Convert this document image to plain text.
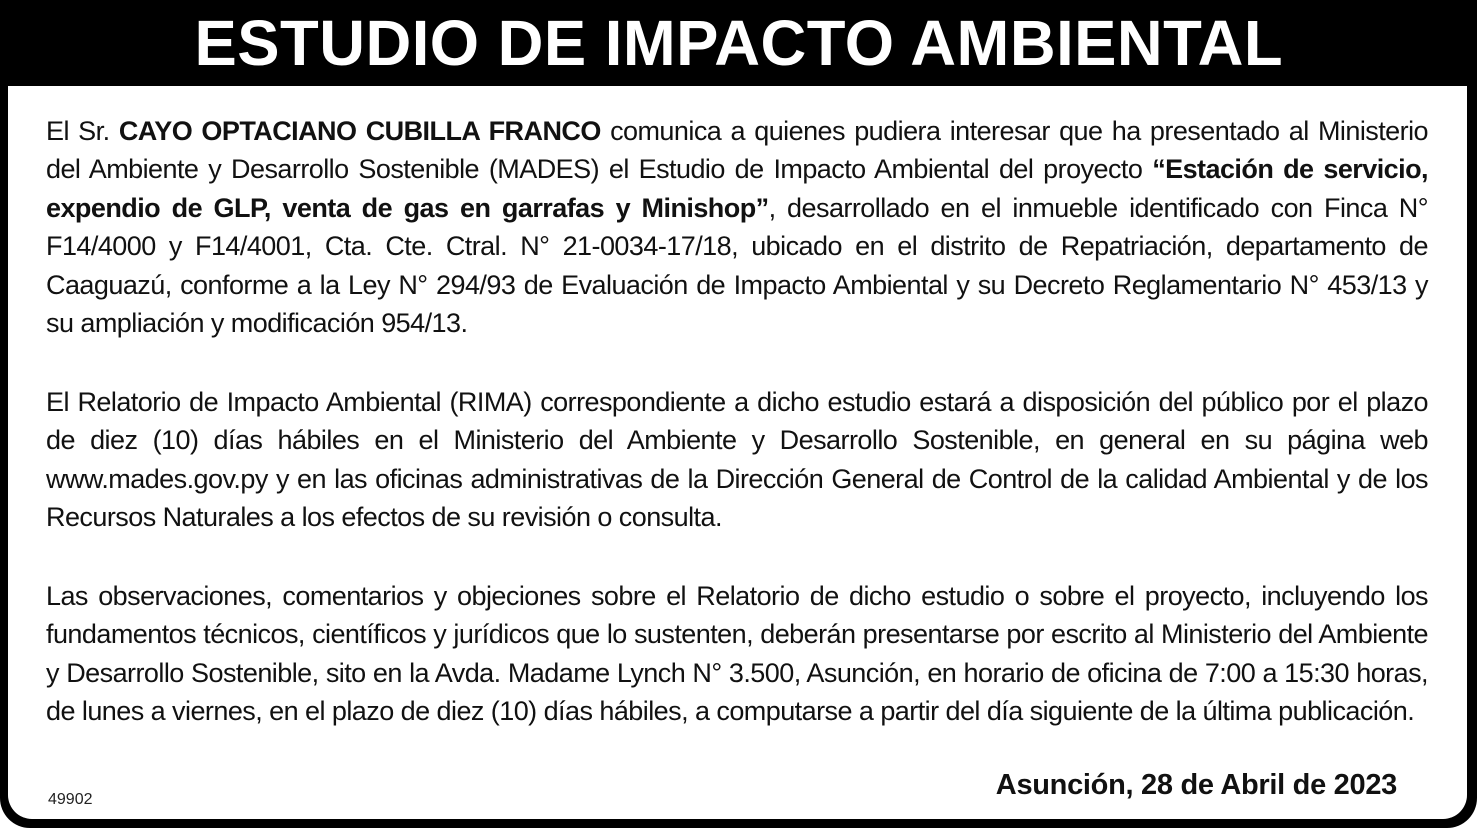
ESTUDIO DE IMPACTO AMBIENTAL

El Sr. CAYO OPTACIANO CUBILLA FRANCO comunica a quienes pudiera interesar que ha presentado al Ministerio del Ambiente y Desarrollo Sostenible (MADES) el Estudio de Impacto Ambiental del proyecto “Estación de servicio, expendio de GLP, venta de gas en garrafas y Minishop”, desarrollado en el inmueble identificado con Finca N° F14/4000 y F14/4001, Cta. Cte. Ctral. N° 21-0034-17/18, ubicado en el distrito de Repatriación, departamento de Caaguazú, conforme a la Ley N° 294/93 de Evaluación de Impacto Ambiental y su Decreto Reglamentario N° 453/13 y su ampliación y modificación 954/13.

El Relatorio de Impacto Ambiental (RIMA) correspondiente a dicho estudio estará a disposición del público por el plazo de diez (10) días hábiles en el Ministerio del Ambiente y Desarrollo Sostenible, en general en su página web www.mades.gov.py y en las oficinas administrativas de la Dirección General de Control de la calidad Ambiental y de los Recursos Naturales a los efectos de su revisión o consulta.

Las observaciones, comentarios y objeciones sobre el Relatorio de dicho estudio o sobre el proyecto, incluyendo los fundamentos técnicos, científicos y jurídicos que lo sustenten, deberán presentarse por escrito al Ministerio del Ambiente y Desarrollo Sostenible, sito en la Avda. Madame Lynch N° 3.500, Asunción, en horario de oficina de 7:00 a 15:30 horas, de lunes a viernes, en el plazo de diez (10) días hábiles, a computarse a partir del día siguiente de la última publicación.

49902	Asunción, 28 de Abril de 2023
